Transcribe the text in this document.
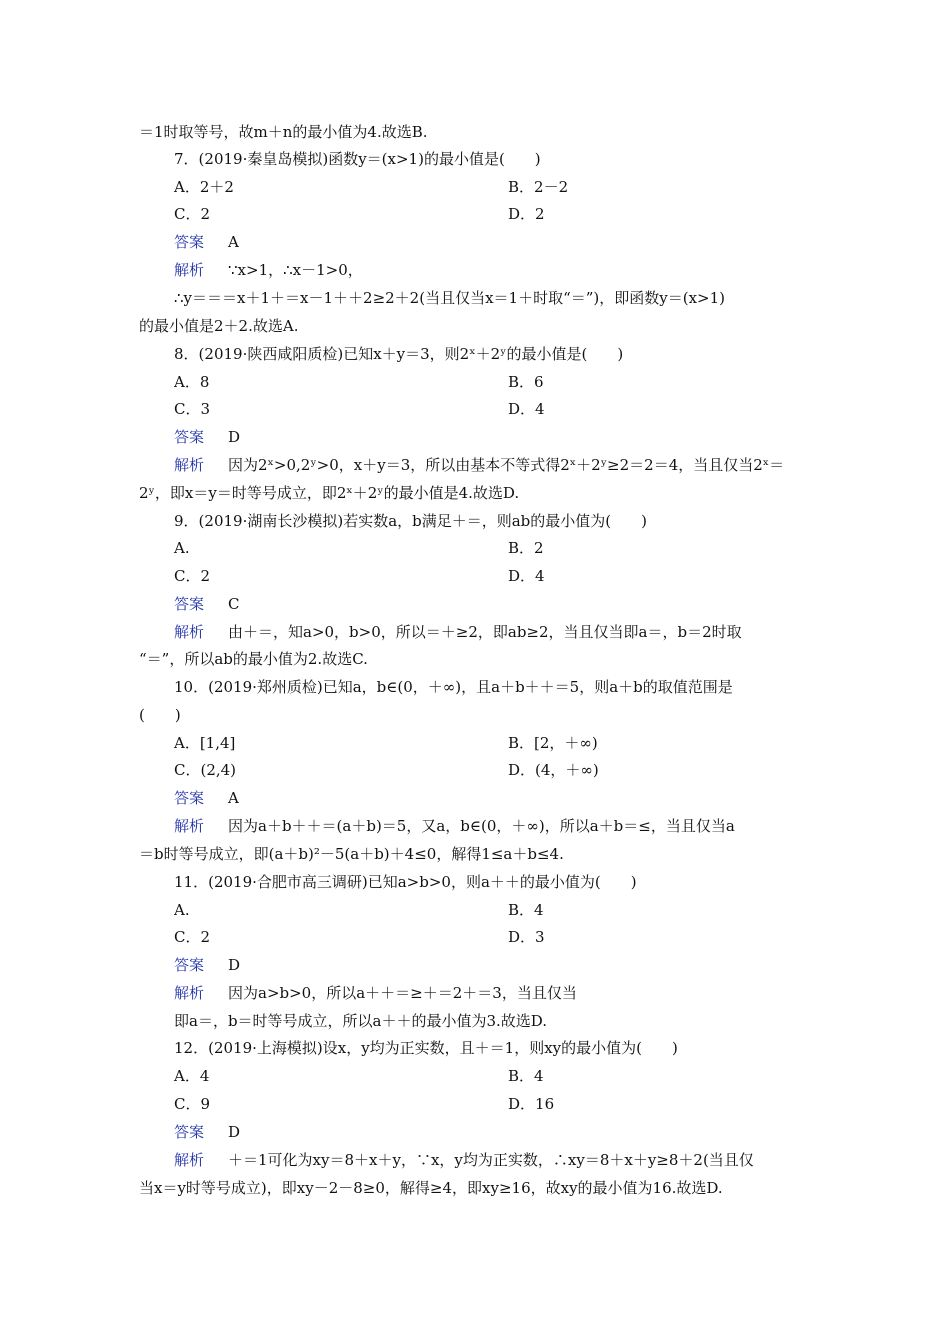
＝1时取等号，故m＋n的最小值为4.故选B.
7．(2019·秦皇岛模拟)函数y＝(x>1)的最小值是(　　)
A．2＋2	B．2－2
C．2	D．2
答案 A
解析 ∵x>1，∴x－1>0，
∴y＝＝＝x＋1＋＝x－1＋＋2≥2＋2(当且仅当x＝1＋时取“＝”)，即函数y＝(x>1)
的最小值是2＋2.故选A.
8．(2019·陕西咸阳质检)已知x＋y＝3，则2ˣ＋2ʸ的最小值是(　　)
A．8	B．6
C．3	D．4
答案 D
解析 因为2ˣ>0,2ʸ>0，x＋y＝3，所以由基本不等式得2ˣ＋2ʸ≥2＝2＝4，当且仅当2ˣ＝
2ʸ，即x＝y＝时等号成立，即2ˣ＋2ʸ的最小值是4.故选D.
9．(2019·湖南长沙模拟)若实数a，b满足＋＝，则ab的最小值为(　　)
A.	B．2
C．2	D．4
答案 C
解析 由＋＝，知a>0，b>0，所以＝＋≥2，即ab≥2，当且仅当即a＝，b＝2时取
“＝”，所以ab的最小值为2.故选C.
10．(2019·郑州质检)已知a，b∈(0，＋∞)，且a＋b＋＋＝5，则a＋b的取值范围是
(　　)
A．[1,4]	B．[2，＋∞)
C．(2,4)	D．(4，＋∞)
答案 A
解析 因为a＋b＋＋＝(a＋b)＝5，又a，b∈(0，＋∞)，所以a＋b＝≤，当且仅当a
＝b时等号成立，即(a＋b)²－5(a＋b)＋4≤0，解得1≤a＋b≤4.
11．(2019·合肥市高三调研)已知a>b>0，则a＋＋的最小值为(　　)
A.	B．4
C．2	D．3
答案 D
解析 因为a>b>0，所以a＋＋＝≥＋＝2＋＝3，当且仅当
即a＝，b＝时等号成立，所以a＋＋的最小值为3.故选D.
12．(2019·上海模拟)设x，y均为正实数，且＋＝1，则xy的最小值为(　　)
A．4	B．4
C．9	D．16
答案 D
解析 ＋＝1可化为xy＝8＋x＋y，∵x，y均为正实数，∴xy＝8＋x＋y≥8＋2(当且仅
当x＝y时等号成立)，即xy－2－8≥0，解得≥4，即xy≥16，故xy的最小值为16.故选D.
